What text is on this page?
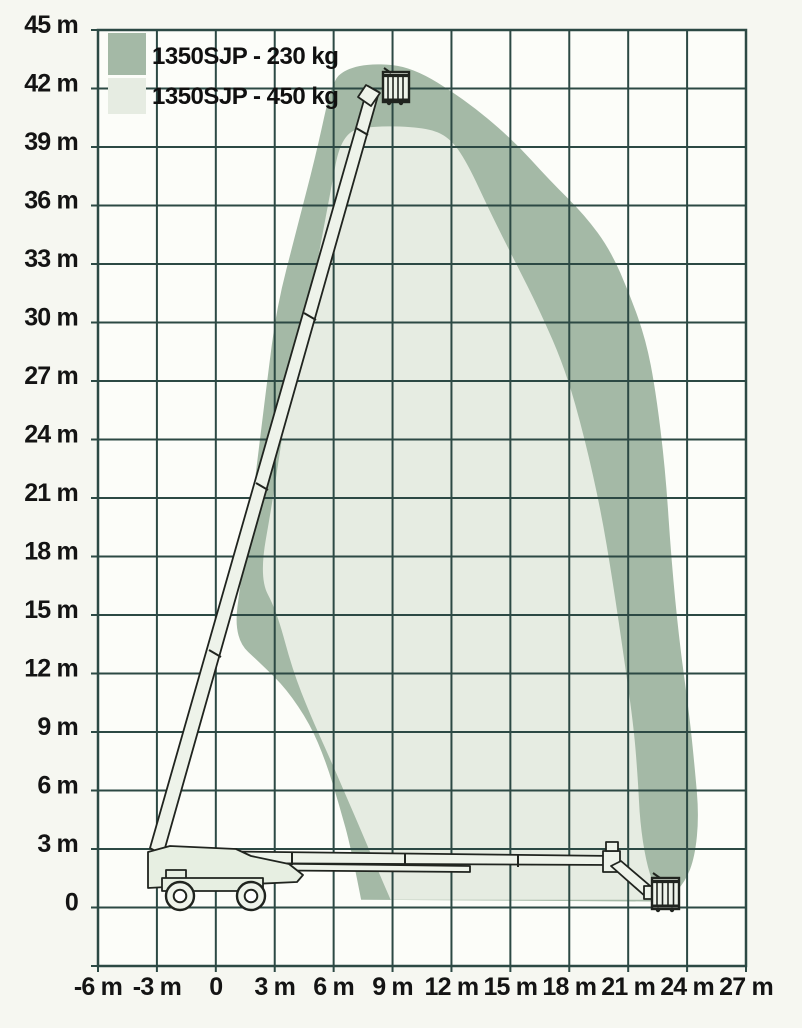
-6 m -3 m 0 3 m 6 m 9 m 12 m 15 m 18 m 21 m 24 m 27 m
45 m
42 m
39 m
36 m
33 m
30 m
27 m
24 m
21 m
18 m
15 m
12 m
9 m
6 m
3 m
0
1350SJP - 230 kg
1350SJP - 450 kg
